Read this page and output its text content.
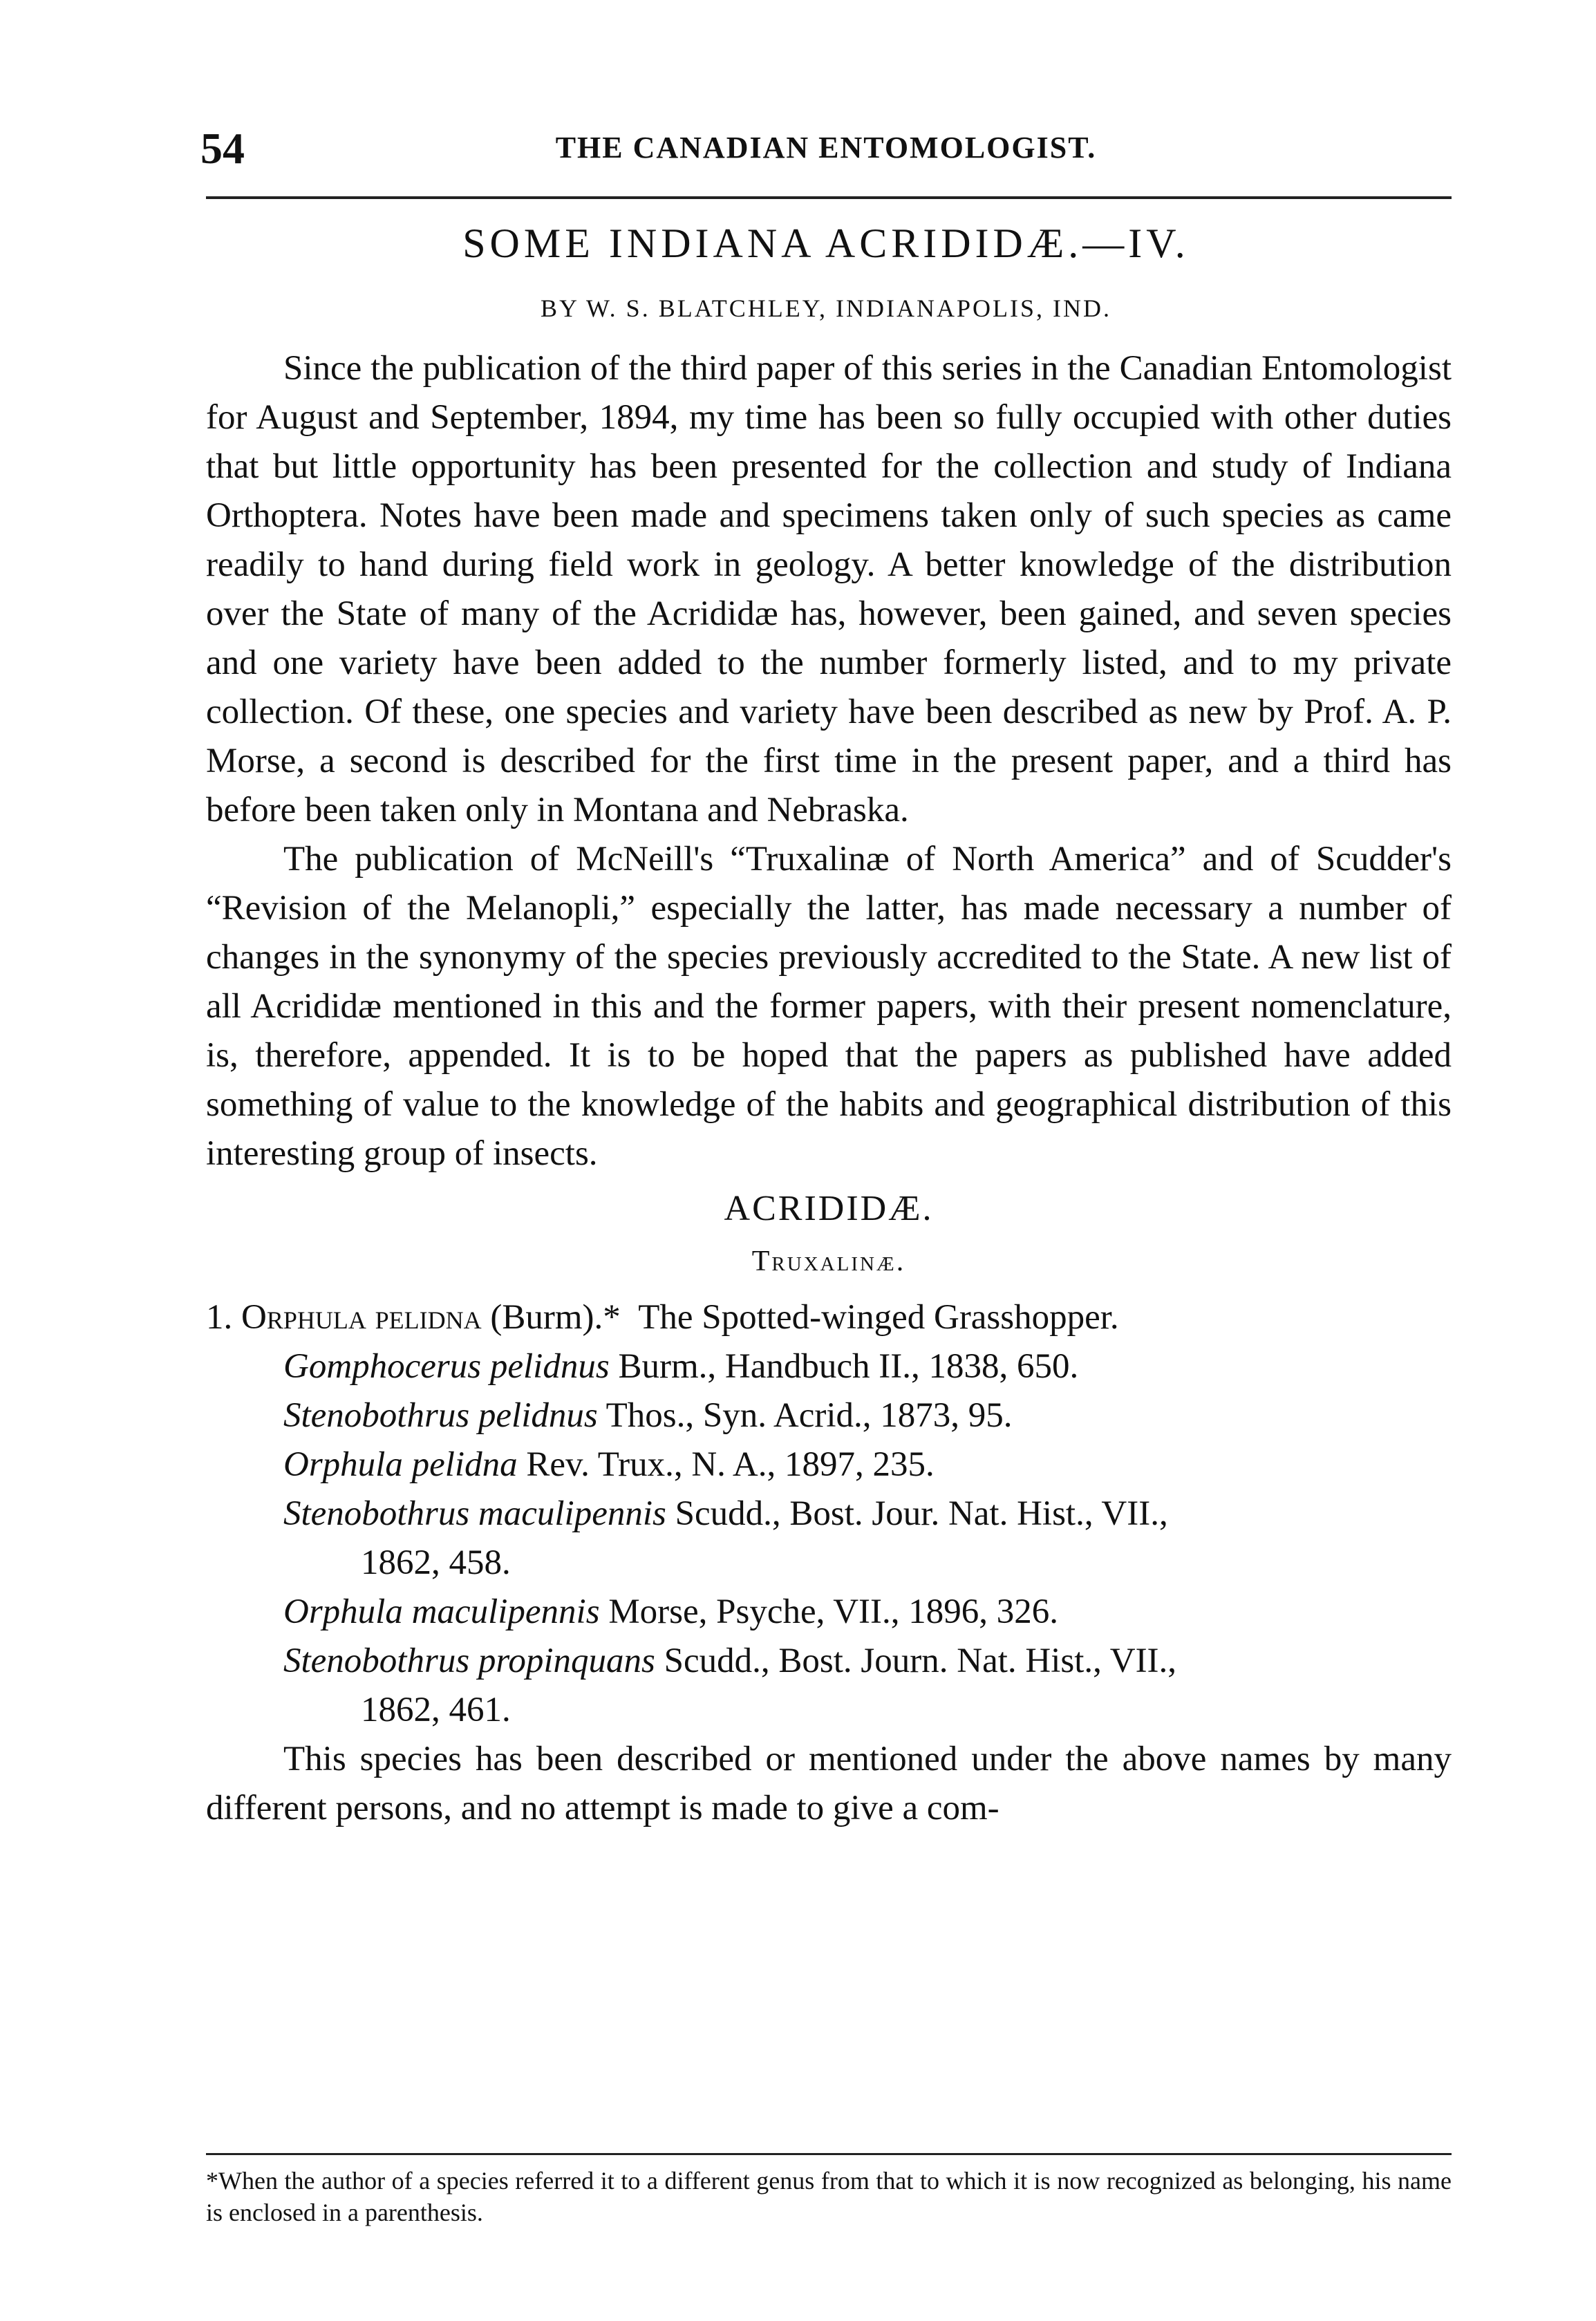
54	THE CANADIAN ENTOMOLOGIST.
SOME INDIANA ACRIDIDÆ.—IV.
BY W. S. BLATCHLEY, INDIANAPOLIS, IND.

Since the publication of the third paper of this series in the Canadian Entomologist for August and September, 1894, my time has been so fully occupied with other duties that but little opportunity has been presented for the collection and study of Indiana Orthoptera. Notes have been made and specimens taken only of such species as came readily to hand during field work in geology. A better knowledge of the distribution over the State of many of the Acrididæ has, however, been gained, and seven species and one variety have been added to the number formerly listed, and to my private collection. Of these, one species and variety have been described as new by Prof. A. P. Morse, a second is described for the first time in the present paper, and a third has before been taken only in Montana and Nebraska.

The publication of McNeill's “Truxalinæ of North America” and of Scudder's “Revision of the Melanopli,” especially the latter, has made necessary a number of changes in the synonymy of the species previously accredited to the State. A new list of all Acrididæ mentioned in this and the former papers, with their present nomenclature, is, therefore, appended. It is to be hoped that the papers as published have added something of value to the knowledge of the habits and geographical distribution of this interesting group of insects.

ACRIDIDÆ.
Truxalinæ.

1. Orphula pelidna (Burm).* The Spotted-winged Grasshopper.

Gomphocerus pelidnus Burm., Handbuch II., 1838, 650.
Stenobothrus pelidnus Thos., Syn. Acrid., 1873, 95.
Orphula pelidna Rev. Trux., N. A., 1897, 235.
Stenobothrus maculipennis Scudd., Bost. Jour. Nat. Hist., VII.,
1862, 458.
Orphula maculipennis Morse, Psyche, VII., 1896, 326.
Stenobothrus propinquans Scudd., Bost. Journ. Nat. Hist., VII.,
1862, 461.

This species has been described or mentioned under the above names by many different persons, and no attempt is made to give a com-

*When the author of a species referred it to a different genus from that to which it is now recognized as belonging, his name is enclosed in a parenthesis.
